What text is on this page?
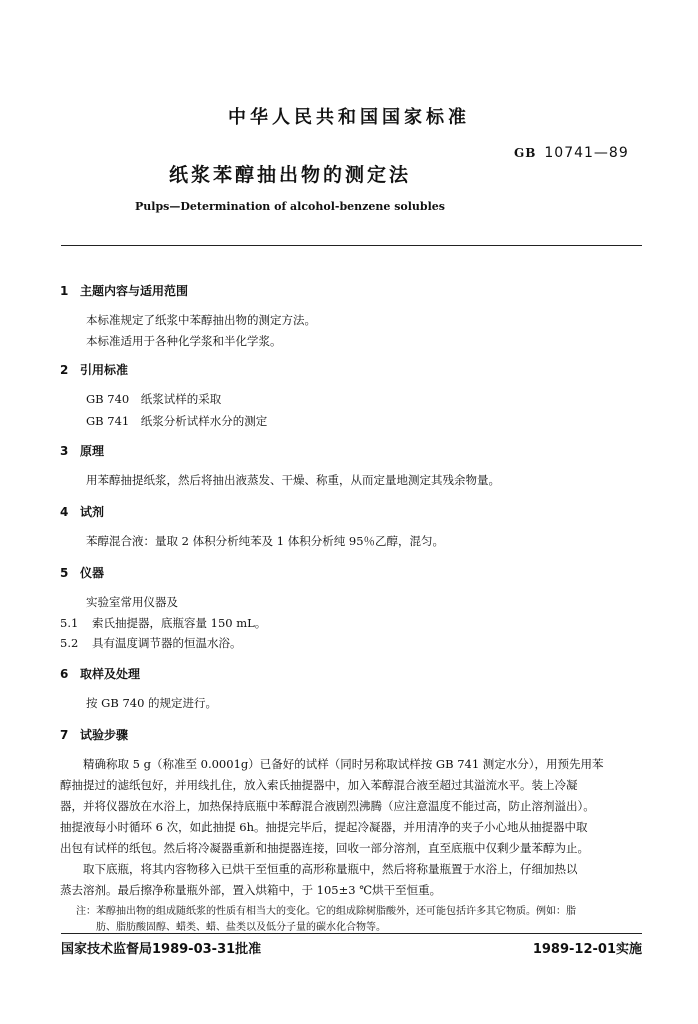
中华人民共和国国家标准
GB 10741—89
纸浆苯醇抽出物的测定法
Pulps—Determination of alcohol-benzene solubles
1 主题内容与适用范围
本标准规定了纸浆中苯醇抽出物的测定方法。
本标准适用于各种化学浆和半化学浆。
2 引用标准
GB 740　纸浆试样的采取
GB 741　纸浆分析试样水分的测定
3 原理
用苯醇抽提纸浆，然后将抽出液蒸发、干燥、称重，从而定量地测定其残余物量。
4 试剂
苯醇混合液：量取 2 体积分析纯苯及 1 体积分析纯 95％乙醇，混匀。
5 仪器
实验室常用仪器及
5.1 索氏抽提器，底瓶容量 150 mL。
5.2 具有温度调节器的恒温水浴。
6 取样及处理
按 GB 740 的规定进行。
7 试验步骤
　　精确称取 5 g（称准至 0.0001g）已备好的试样（同时另称取试样按 GB 741 测定水分），用预先用苯
醇抽提过的滤纸包好，并用线扎住，放入索氏抽提器中，加入苯醇混合液至超过其溢流水平。装上冷凝
器，并将仪器放在水浴上，加热保持底瓶中苯醇混合液剧烈沸腾（应注意温度不能过高，防止溶剂溢出）。
抽提液每小时循环 6 次，如此抽提 6h。抽提完毕后，提起冷凝器，并用清净的夹子小心地从抽提器中取
出包有试样的纸包。然后将冷凝器重新和抽提器连接，回收一部分溶剂，直至底瓶中仅剩少量苯醇为止。
　　取下底瓶，将其内容物移入已烘干至恒重的高形称量瓶中，然后将称量瓶置于水浴上，仔细加热以
蒸去溶剂。最后擦净称量瓶外部，置入烘箱中，于 105±3 ℃烘干至恒重。
注：苯醇抽出物的组成随纸浆的性质有相当大的变化。它的组成除树脂酸外，还可能包括许多其它物质。例如：脂
　　肪、脂肪酸固醇、蜡类、蜡、盐类以及低分子量的碳水化合物等。
国家技术监督局1989-03-31批准	1989-12-01实施
